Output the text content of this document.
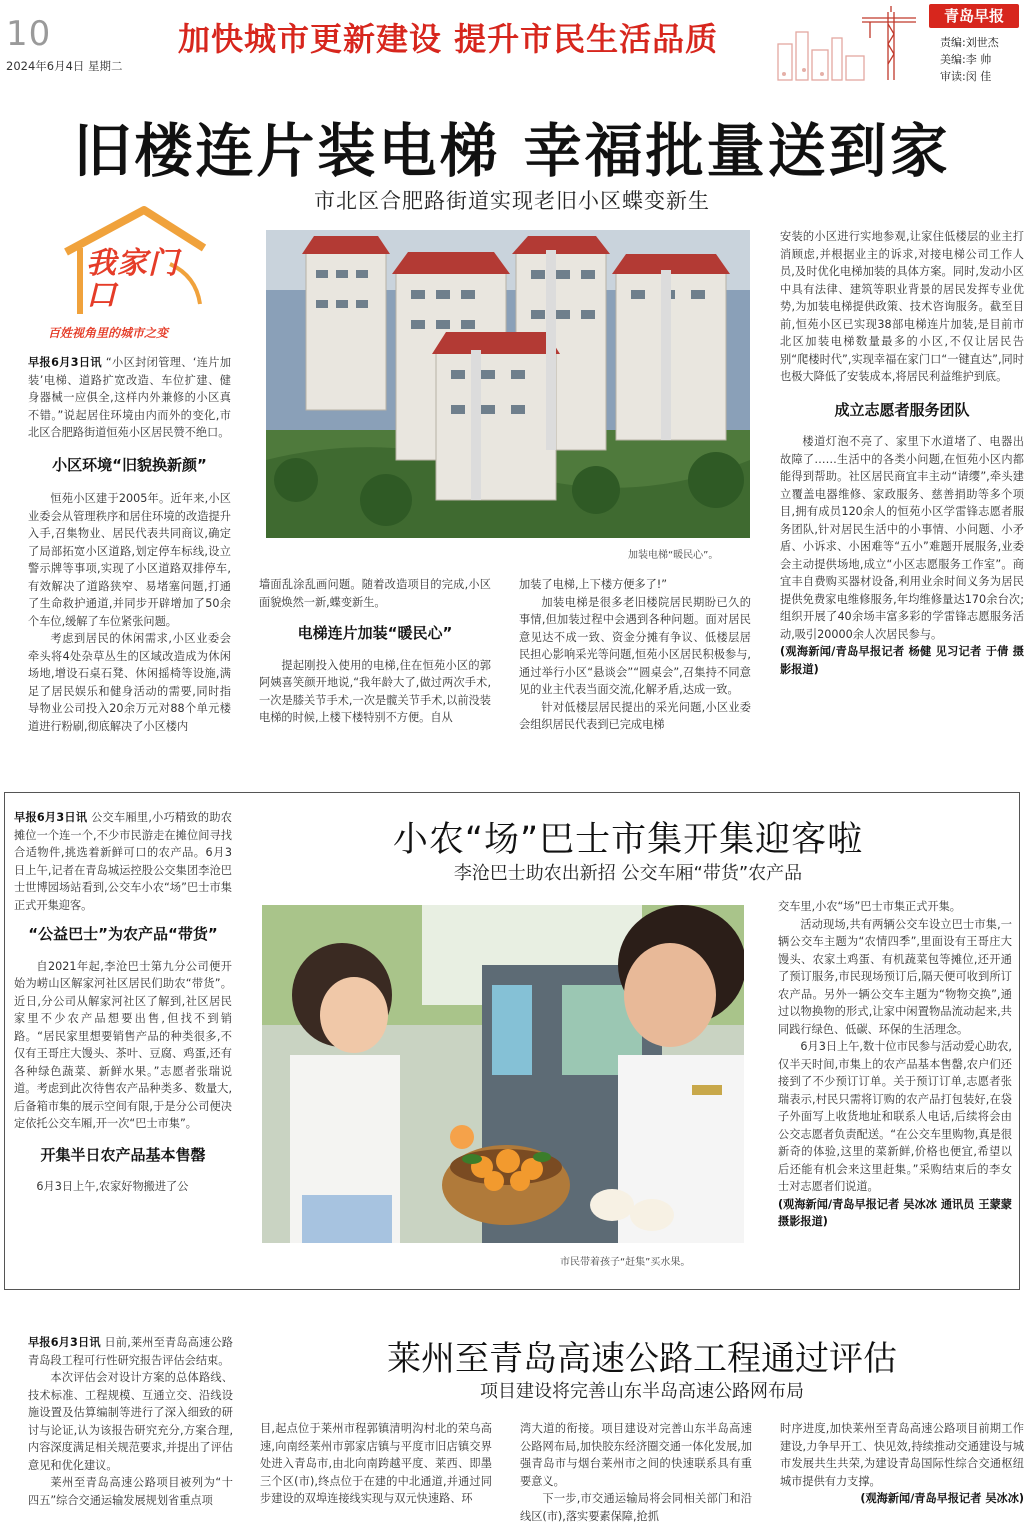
10
2024年6月4日 星期二
加快城市更新建设 提升市民生活品质
青岛早报
责编:刘世杰
美编:李 帅
审读:闵 佳
旧楼连片装电梯 幸福批量送到家
市北区合肥路街道实现老旧小区蝶变新生
我家门口
百姓视角里的城市之变

早报6月3日讯 “小区封闭管理、‘连片加装’电梯、道路扩宽改造、车位扩建、健身器械一应俱全,这样内外兼修的小区真不错。”说起居住环境由内而外的变化,市北区合肥路街道恒苑小区居民赞不绝口。

小区环境“旧貌换新颜”

恒苑小区建于2005年。近年来,小区业委会从管理秩序和居住环境的改造提升入手,召集物业、居民代表共同商议,确定了局部拓宽小区道路,划定停车标线,设立警示牌等事项,实现了小区道路双排停车,有效解决了道路狭窄、易堵塞问题,打通了生命救护通道,并同步开辟增加了50余个车位,缓解了车位紧张问题。

考虑到居民的休闲需求,小区业委会牵头将4处杂草丛生的区域改造成为休闲场地,增设石桌石凳、休闲摇椅等设施,满足了居民娱乐和健身活动的需要,同时指导物业公司投入20余万元对88个单元楼道进行粉刷,彻底解决了小区楼内

加装电梯“暖民心”。

墙面乱涂乱画问题。随着改造项目的完成,小区面貌焕然一新,蝶变新生。

电梯连片加装“暖民心”

提起刚投入使用的电梯,住在恒苑小区的郭阿姨喜笑颜开地说,“我年龄大了,做过两次手术,一次是膝关节手术,一次是髋关节手术,以前没装电梯的时候,上楼下楼特别不方便。自从

加装了电梯,上下楼方便多了!”

加装电梯是很多老旧楼院居民期盼已久的事情,但加装过程中会遇到各种问题。面对居民意见达不成一致、资金分摊有争议、低楼层居民担心影响采光等问题,恒苑小区居民积极参与,通过举行小区“悬谈会”“圆桌会”,召集持不同意见的业主代表当面交流,化解矛盾,达成一致。

针对低楼层居民提出的采光问题,小区业委会组织居民代表到已完成电梯

安装的小区进行实地参观,让家住低楼层的业主打消顾虑,并根据业主的诉求,对接电梯公司工作人员,及时优化电梯加装的具体方案。同时,发动小区中具有法律、建筑等职业背景的居民发挥专业优势,为加装电梯提供政策、技术咨询服务。截至目前,恒苑小区已实现38部电梯连片加装,是目前市北区加装电梯数量最多的小区,不仅让居民告别“爬楼时代”,实现幸福在家门口“一键直达”,同时也极大降低了安装成本,将居民利益维护到底。

成立志愿者服务团队

楼道灯泡不亮了、家里下水道堵了、电器出故障了……生活中的各类小问题,在恒苑小区内都能得到帮助。社区居民商宜丰主动“请缨”,牵头建立覆盖电器维修、家政服务、慈善捐助等多个项目,拥有成员120余人的恒苑小区学雷锋志愿者服务团队,针对居民生活中的小事情、小问题、小矛盾、小诉求、小困难等“五小”难题开展服务,业委会主动提供场地,成立“小区志愿服务工作室”。商宜丰自费购买器材设备,利用业余时间义务为居民提供免费家电维修服务,年均维修量达170余台次;组织开展了40余场丰富多彩的学雷锋志愿服务活动,吸引20000余人次居民参与。

(观海新闻/青岛早报记者 杨健 见习记者 于倩 摄影报道)

早报6月3日讯 公交车厢里,小巧精致的助农摊位一个连一个,不少市民游走在摊位间寻找合适物件,挑选着新鲜可口的农产品。6月3日上午,记者在青岛城运控股公交集团李沧巴士世博园场站看到,公交车小农“场”巴士市集正式开集迎客。

“公益巴士”为农产品“带货”

自2021年起,李沧巴士第九分公司便开始为崂山区解家河社区居民们助农“带货”。近日,分公司从解家河社区了解到,社区居民家里不少农产品想要出售,但找不到销路。“居民家里想要销售产品的种类很多,不仅有王哥庄大馒头、茶叶、豆腐、鸡蛋,还有各种绿色蔬菜、新鲜水果。”志愿者张瑞说道。考虑到此次待售农产品种类多、数量大,后备箱市集的展示空间有限,于是分公司便决定依托公交车厢,开一次“巴士市集”。

开集半日农产品基本售罄

6月3日上午,农家好物搬进了公

小农“场”巴士市集开集迎客啦
李沧巴士助农出新招 公交车厢“带货”农产品
市民带着孩子“赶集”买水果。

交车里,小农“场”巴士市集正式开集。

活动现场,共有两辆公交车设立巴士市集,一辆公交车主题为“农情四季”,里面设有王哥庄大馒头、农家土鸡蛋、有机蔬菜包等摊位,还开通了预订服务,市民现场预订后,隔天便可收到所订农产品。另外一辆公交车主题为“物物交换”,通过以物换物的形式,让家中闲置物品流动起来,共同践行绿色、低碳、环保的生活理念。

6月3日上午,数十位市民参与活动爱心助农,仅半天时间,市集上的农产品基本售罄,农户们还接到了不少预订订单。关于预订订单,志愿者张瑞表示,村民只需将订购的农产品打包装好,在袋子外面写上收货地址和联系人电话,后续将会由公交志愿者负责配送。“在公交车里购物,真是很新奇的体验,这里的菜新鲜,价格也便宜,希望以后还能有机会来这里赶集。”采购结束后的李女士对志愿者们说道。

(观海新闻/青岛早报记者 吴冰冰 通讯员 王蒙蒙 摄影报道)

早报6月3日讯 日前,莱州至青岛高速公路青岛段工程可行性研究报告评估会结束。

本次评估会对设计方案的总体路线、技术标准、工程规模、互通立交、沿线设施设置及估算编制等进行了深入细致的研讨与论证,认为该报告研究充分,方案合理,内容深度满足相关规范要求,并提出了评估意见和优化建议。

莱州至青岛高速公路项目被列为“十四五”综合交通运输发展规划省重点项

莱州至青岛高速公路工程通过评估
项目建设将完善山东半岛高速公路网布局

目,起点位于莱州市程郭镇清明沟村北的荣乌高速,向南经莱州市郭家店镇与平度市旧店镇交界处进入青岛市,由北向南跨越平度、莱西、即墨三个区(市),终点位于在建的中北通道,并通过同步建设的双埠连接线实现与双元快速路、环

湾大道的衔接。项目建设对完善山东半岛高速公路网布局,加快胶东经济圈交通一体化发展,加强青岛市与烟台莱州市之间的快速联系具有重要意义。

下一步,市交通运输局将会同相关部门和沿线区(市),落实要素保障,抢抓

时序进度,加快莱州至青岛高速公路项目前期工作建设,力争早开工、快见效,持续推动交通建设与城市发展共生共荣,为建设青岛国际性综合交通枢纽城市提供有力支撑。

(观海新闻/青岛早报记者 吴冰冰)
